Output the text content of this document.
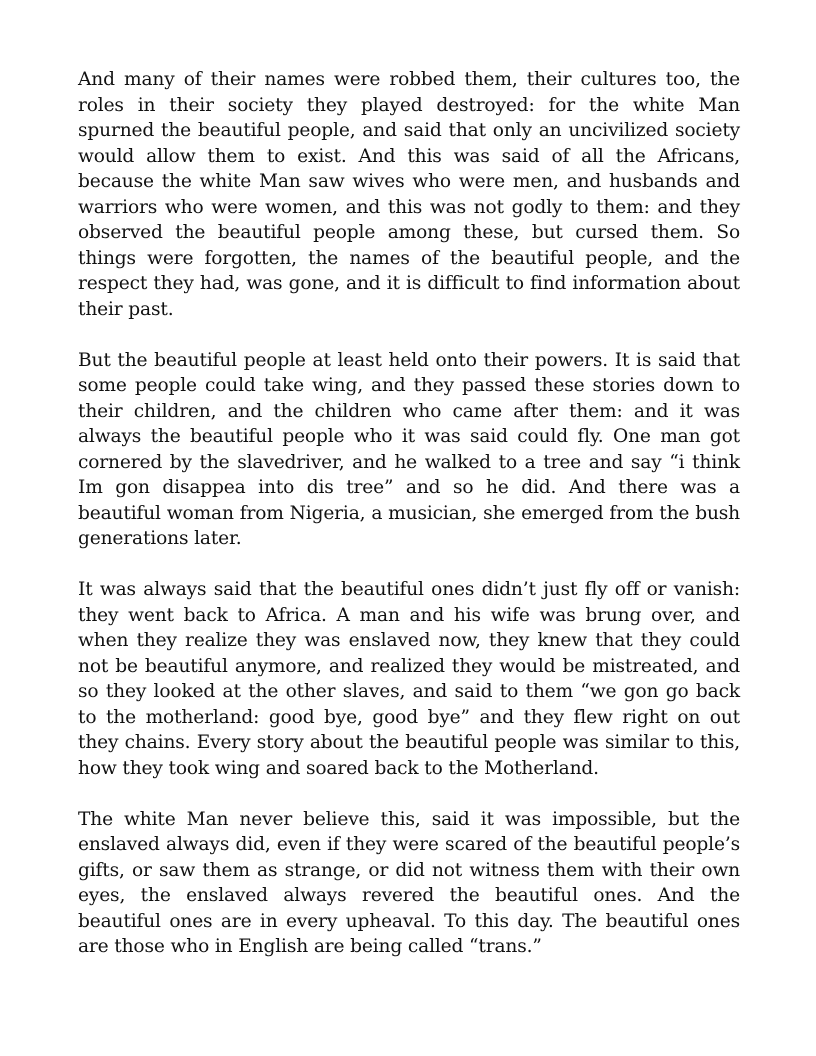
And many of their names were robbed them, their cultures too, the roles in their society they played destroyed: for the white Man spurned the beautiful people, and said that only an uncivilized society would allow them to exist. And this was said of all the Africans, because the white Man saw wives who were men, and husbands and warriors who were women, and this was not godly to them: and they observed the beautiful people among these, but cursed them. So things were forgotten, the names of the beautiful people, and the respect they had, was gone, and it is difficult to find information about their past.

But the beautiful people at least held onto their powers. It is said that some people could take wing, and they passed these stories down to their children, and the children who came after them: and it was always the beautiful people who it was said could fly. One man got cornered by the slavedriver, and he walked to a tree and say “i think Im gon disappea into dis tree” and so he did. And there was a beautiful woman from Nigeria, a musician, she emerged from the bush generations later.

It was always said that the beautiful ones didn’t just fly off or vanish: they went back to Africa. A man and his wife was brung over, and when they realize they was enslaved now, they knew that they could not be beautiful anymore, and realized they would be mistreated, and so they looked at the other slaves, and said to them “we gon go back to the motherland: good bye, good bye” and they flew right on out they chains. Every story about the beautiful people was similar to this, how they took wing and soared back to the Motherland.

The white Man never believe this, said it was impossible, but the enslaved always did, even if they were scared of the beautiful people’s gifts, or saw them as strange, or did not witness them with their own eyes, the enslaved always revered the beautiful ones. And the beautiful ones are in every upheaval. To this day. The beautiful ones are those who in English are being called “trans.”
